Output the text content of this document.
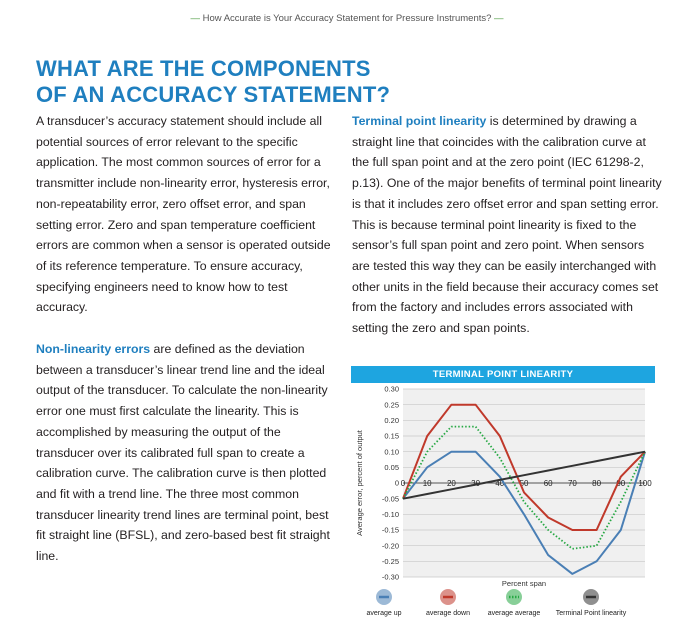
— How Accurate is Your Accuracy Statement for Pressure Instruments? —
WHAT ARE THE COMPONENTS
OF AN ACCURACY STATEMENT?

A transducer’s accuracy statement should include all potential sources of error relevant to the specific application. The most common sources of error for a transmitter include non-linearity error, hysteresis error, non-repeatability error, zero offset error, and span setting error. Zero and span temperature coefficient errors are common when a sensor is operated outside of its reference temperature. To ensure accuracy, specifying engineers need to know how to test accuracy.

Non-linearity errors are defined as the deviation between a transducer’s linear trend line and the ideal output of the transducer. To calculate the non-linearity error one must first calculate the linearity. This is accomplished by measuring the output of the transducer over its calibrated full span to create a calibration curve. The calibration curve is then plotted and fit with a trend line. The three most common transducer linearity trend lines are terminal point, best fit straight line (BFSL), and zero-based best fit straight line.

Terminal point linearity is determined by drawing a straight line that coincides with the calibration curve at the full span point and at the zero point (IEC 61298-2, p.13). One of the major benefits of terminal point linearity is that it includes zero offset error and span setting error. This is because terminal point linearity is fixed to the sensor’s full span point and zero point. When sensors are tested this way they can be easily interchanged with other units in the field because their accuracy comes set from the factory and includes errors associated with setting the zero and span points.

TERMINAL POINT LINEARITY
0.30
0.25
0.20
0.15
0.10
0.05
0
-0.05
-0.10
-0.15
-0.20
-0.25
-0.30
0 10 20 30 40 50 60 70 80 90 100
Average error, percent of output
Percent span
average up	average down	average average Terminal Point linearity
